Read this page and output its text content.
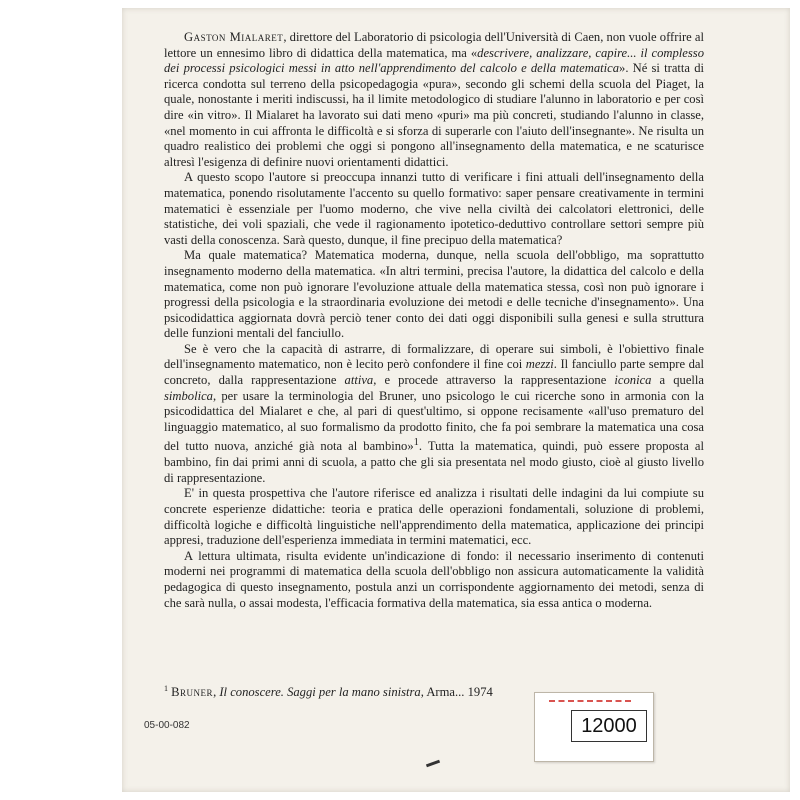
Gaston Mialaret, direttore del Laboratorio di psicologia dell'Università di Caen, non vuole offrire al lettore un ennesimo libro di didattica della matematica, ma «descrivere, analizzare, capire... il complesso dei processi psicologici messi in atto nell'apprendimento del calcolo e della matematica». Né si tratta di ricerca condotta sul terreno della psicopedagogia «pura», secondo gli schemi della scuola del Piaget, la quale, nonostante i meriti indiscussi, ha il limite metodologico di studiare l'alunno in laboratorio e per così dire «in vitro». Il Mialaret ha lavorato sui dati meno «puri» ma più concreti, studiando l'alunno in classe, «nel momento in cui affronta le difficoltà e si sforza di superarle con l'aiuto dell'insegnante». Ne risulta un quadro realistico dei problemi che oggi si pongono all'insegnamento della matematica, e ne scaturisce altresì l'esigenza di definire nuovi orientamenti didattici.

A questo scopo l'autore si preoccupa innanzi tutto di verificare i fini attuali dell'insegnamento della matematica, ponendo risolutamente l'accento su quello formativo: saper pensare creativamente in termini matematici è essenziale per l'uomo moderno, che vive nella civiltà dei calcolatori elettronici, delle statistiche, dei voli spaziali, che vede il ragionamento ipotetico-deduttivo controllare settori sempre più vasti della conoscenza. Sarà questo, dunque, il fine precipuo della matematica?

Ma quale matematica? Matematica moderna, dunque, nella scuola dell'obbligo, ma soprattutto insegnamento moderno della matematica. «In altri termini, precisa l'autore, la didattica del calcolo e della matematica, come non può ignorare l'evoluzione attuale della matematica stessa, così non può ignorare i progressi della psicologia e la straordinaria evoluzione dei metodi e delle tecniche d'insegnamento». Una psicodidattica aggiornata dovrà perciò tener conto dei dati oggi disponibili sulla genesi e sulla struttura delle funzioni mentali del fanciullo.

Se è vero che la capacità di astrarre, di formalizzare, di operare sui simboli, è l'obiettivo finale dell'insegnamento matematico, non è lecito però confondere il fine coi mezzi. Il fanciullo parte sempre dal concreto, dalla rappresentazione attiva, e procede attraverso la rappresentazione iconica a quella simbolica, per usare la terminologia del Bruner, uno psicologo le cui ricerche sono in armonia con la psicodidattica del Mialaret e che, al pari di quest'ultimo, si oppone recisamente «all'uso prematuro del linguaggio matematico, al suo formalismo da prodotto finito, che fa poi sembrare la matematica una cosa del tutto nuova, anziché già nota al bambino»$^1$. Tutta la matematica, quindi, può essere proposta al bambino, fin dai primi anni di scuola, a patto che gli sia presentata nel modo giusto, cioè al giusto livello di rappresentazione.

E' in questa prospettiva che l'autore riferisce ed analizza i risultati delle indagini da lui compiute su concrete esperienze didattiche: teoria e pratica delle operazioni fondamentali, soluzione di problemi, difficoltà logiche e difficoltà linguistiche nell'apprendimento della matematica, applicazione dei principi appresi, traduzione dell'esperienza immediata in termini matematici, ecc.

A lettura ultimata, risulta evidente un'indicazione di fondo: il necessario inserimento di contenuti moderni nei programmi di matematica della scuola dell'obbligo non assicura automaticamente la validità pedagogica di questo insegnamento, postula anzi un corrispondente aggiornamento dei metodi, senza di che sarà nulla, o assai modesta, l'efficacia formativa della matematica, sia essa antica o moderna.

$^1$ Bruner, Il conoscere. Saggi per la mano sinistra, Arma... 1974
05-00-082	12000
